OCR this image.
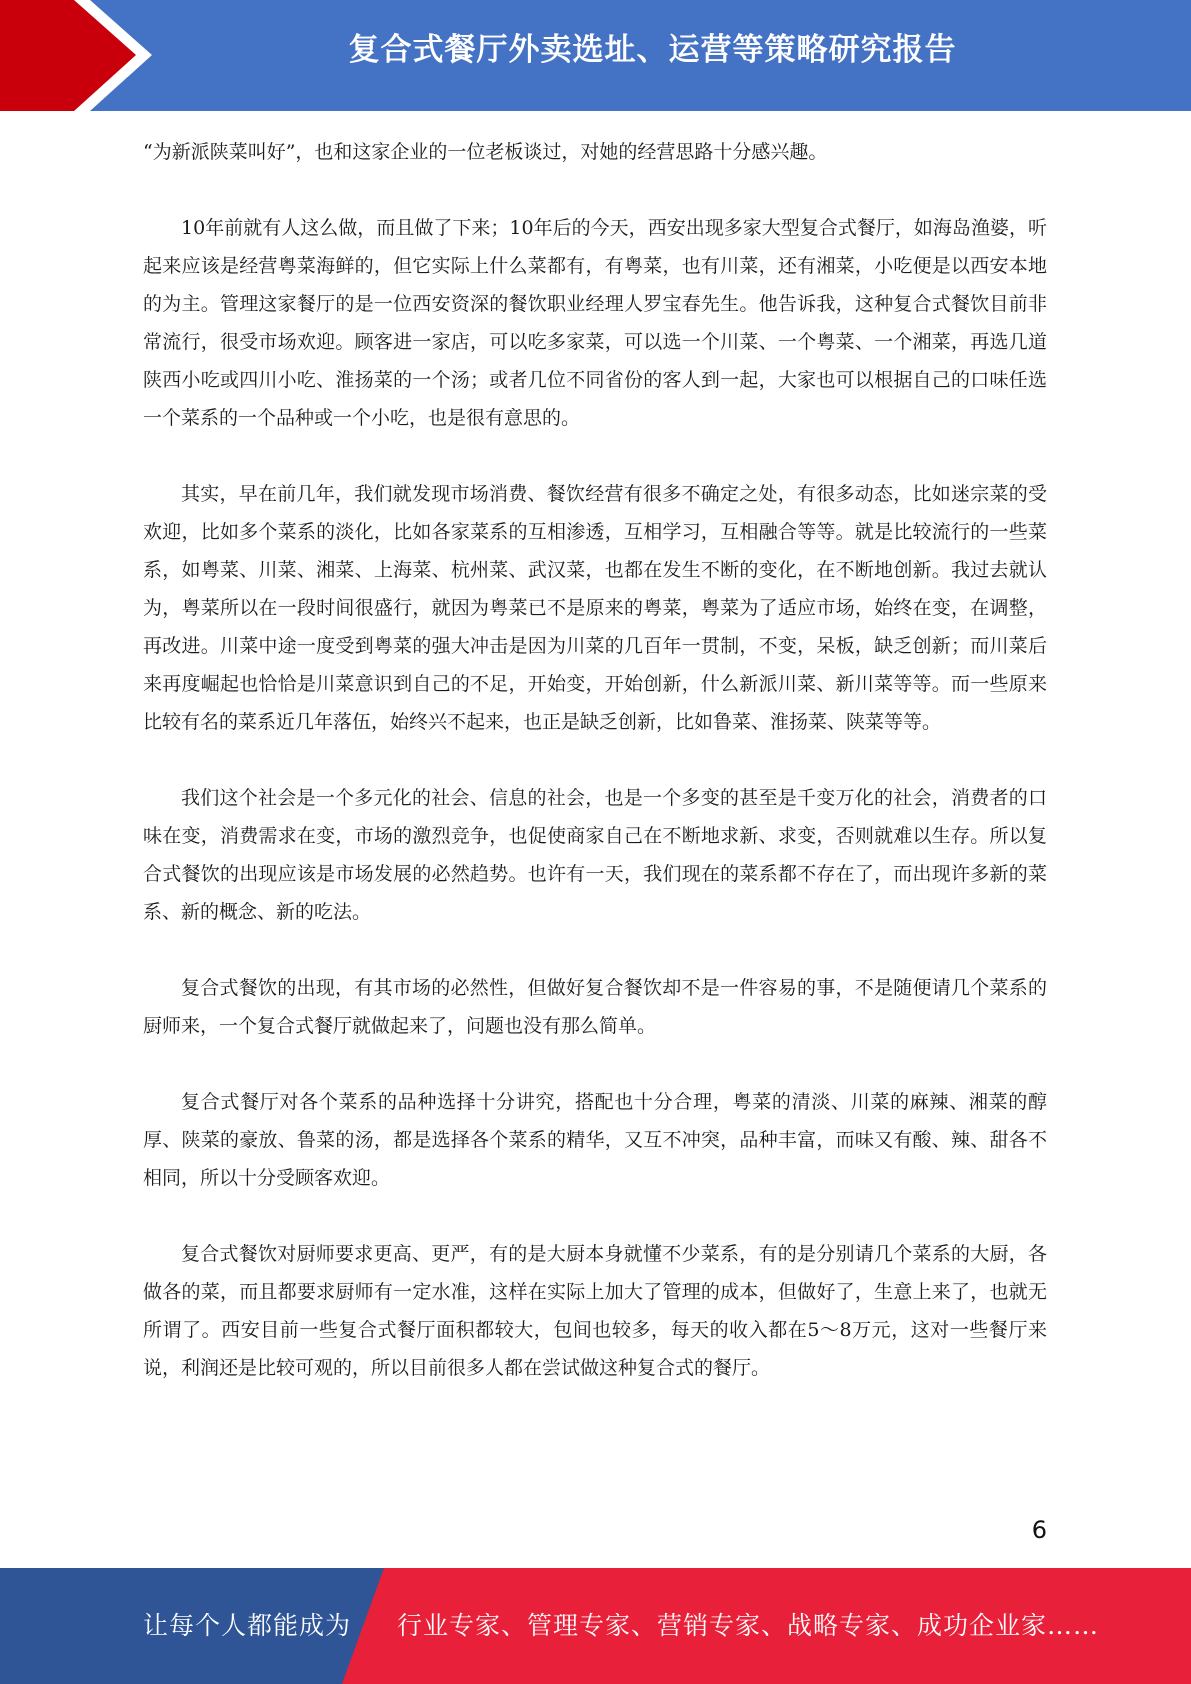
复合式餐厅外卖选址、运营等策略研究报告

“为新派陕菜叫好”，也和这家企业的一位老板谈过，对她的经营思路十分感兴趣。

10年前就有人这么做，而且做了下来；10年后的今天，西安出现多家大型复合式餐厅，如海岛渔婆，听起来应该是经营粤菜海鲜的，但它实际上什么菜都有，有粤菜，也有川菜，还有湘菜，小吃便是以西安本地的为主。管理这家餐厅的是一位西安资深的餐饮职业经理人罗宝春先生。他告诉我，这种复合式餐饮目前非常流行，很受市场欢迎。顾客进一家店，可以吃多家菜，可以选一个川菜、一个粤菜、一个湘菜，再选几道陕西小吃或四川小吃、淮扬菜的一个汤；或者几位不同省份的客人到一起，大家也可以根据自己的口味任选一个菜系的一个品种或一个小吃，也是很有意思的。

其实，早在前几年，我们就发现市场消费、餐饮经营有很多不确定之处，有很多动态，比如迷宗菜的受欢迎，比如多个菜系的淡化，比如各家菜系的互相渗透，互相学习，互相融合等等。就是比较流行的一些菜系，如粤菜、川菜、湘菜、上海菜、杭州菜、武汉菜，也都在发生不断的变化，在不断地创新。我过去就认为，粤菜所以在一段时间很盛行，就因为粤菜已不是原来的粤菜，粤菜为了适应市场，始终在变，在调整，再改进。川菜中途一度受到粤菜的强大冲击是因为川菜的几百年一贯制，不变，呆板，缺乏创新；而川菜后来再度崛起也恰恰是川菜意识到自己的不足，开始变，开始创新，什么新派川菜、新川菜等等。而一些原来比较有名的菜系近几年落伍，始终兴不起来，也正是缺乏创新，比如鲁菜、淮扬菜、陕菜等等。

我们这个社会是一个多元化的社会、信息的社会，也是一个多变的甚至是千变万化的社会，消费者的口味在变，消费需求在变，市场的激烈竞争，也促使商家自己在不断地求新、求变，否则就难以生存。所以复合式餐饮的出现应该是市场发展的必然趋势。也许有一天，我们现在的菜系都不存在了，而出现许多新的菜系、新的概念、新的吃法。

复合式餐饮的出现，有其市场的必然性，但做好复合餐饮却不是一件容易的事，不是随便请几个菜系的厨师来，一个复合式餐厅就做起来了，问题也没有那么简单。

复合式餐厅对各个菜系的品种选择十分讲究，搭配也十分合理，粤菜的清淡、川菜的麻辣、湘菜的醇厚、陕菜的豪放、鲁菜的汤，都是选择各个菜系的精华，又互不冲突，品种丰富，而味又有酸、辣、甜各不相同，所以十分受顾客欢迎。

复合式餐饮对厨师要求更高、更严，有的是大厨本身就懂不少菜系，有的是分别请几个菜系的大厨，各做各的菜，而且都要求厨师有一定水准，这样在实际上加大了管理的成本，但做好了，生意上来了，也就无所谓了。西安目前一些复合式餐厅面积都较大，包间也较多，每天的收入都在5～8万元，这对一些餐厅来说，利润还是比较可观的，所以目前很多人都在尝试做这种复合式的餐厅。

6
让每个人都能成为 行业专家、管理专家、营销专家、战略专家、成功企业家……
